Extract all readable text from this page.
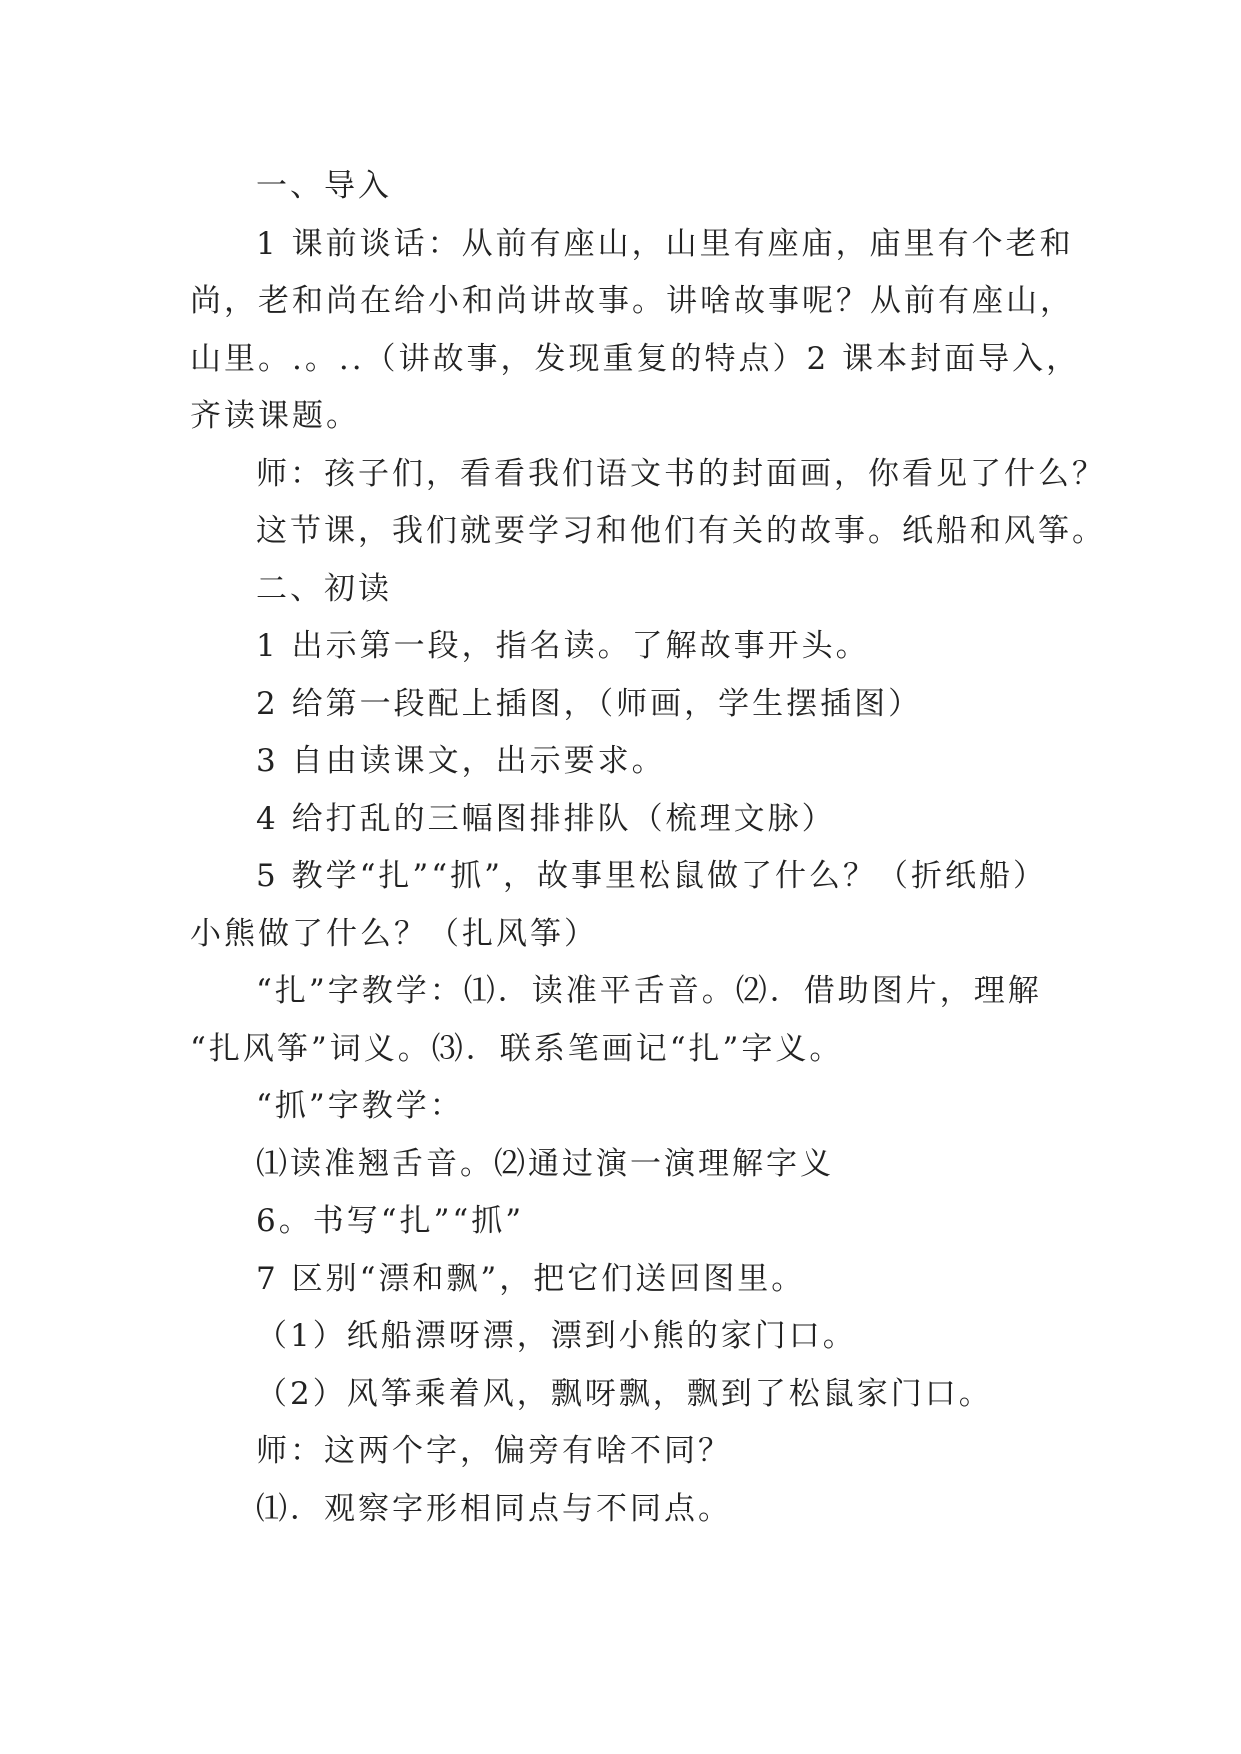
一、导入
1 课前谈话：从前有座山，山里有座庙，庙里有个老和
尚，老和尚在给小和尚讲故事。讲啥故事呢？从前有座山，
山里。.。..（讲故事，发现重复的特点）2 课本封面导入，
齐读课题。
师：孩子们，看看我们语文书的封面画，你看见了什么？
这节课，我们就要学习和他们有关的故事。纸船和风筝。
二、初读
1 出示第一段，指名读。了解故事开头。
2 给第一段配上插图，（师画，学生摆插图）
3 自由读课文，出示要求。
4 给打乱的三幅图排排队（梳理文脉）
5 教学“扎”“抓”，故事里松鼠做了什么？（折纸船）
小熊做了什么？（扎风筝）
“扎”字教学：⑴．读准平舌音。⑵．借助图片，理解
“扎风筝”词义。⑶．联系笔画记“扎”字义。
“抓”字教学：
⑴读准翘舌音。⑵通过演一演理解字义
6。书写“扎”“抓”
7 区别“漂和飘”，把它们送回图里。
（1）纸船漂呀漂，漂到小熊的家门口。
（2）风筝乘着风，飘呀飘，飘到了松鼠家门口。
师：这两个字，偏旁有啥不同？
⑴．观察字形相同点与不同点。
